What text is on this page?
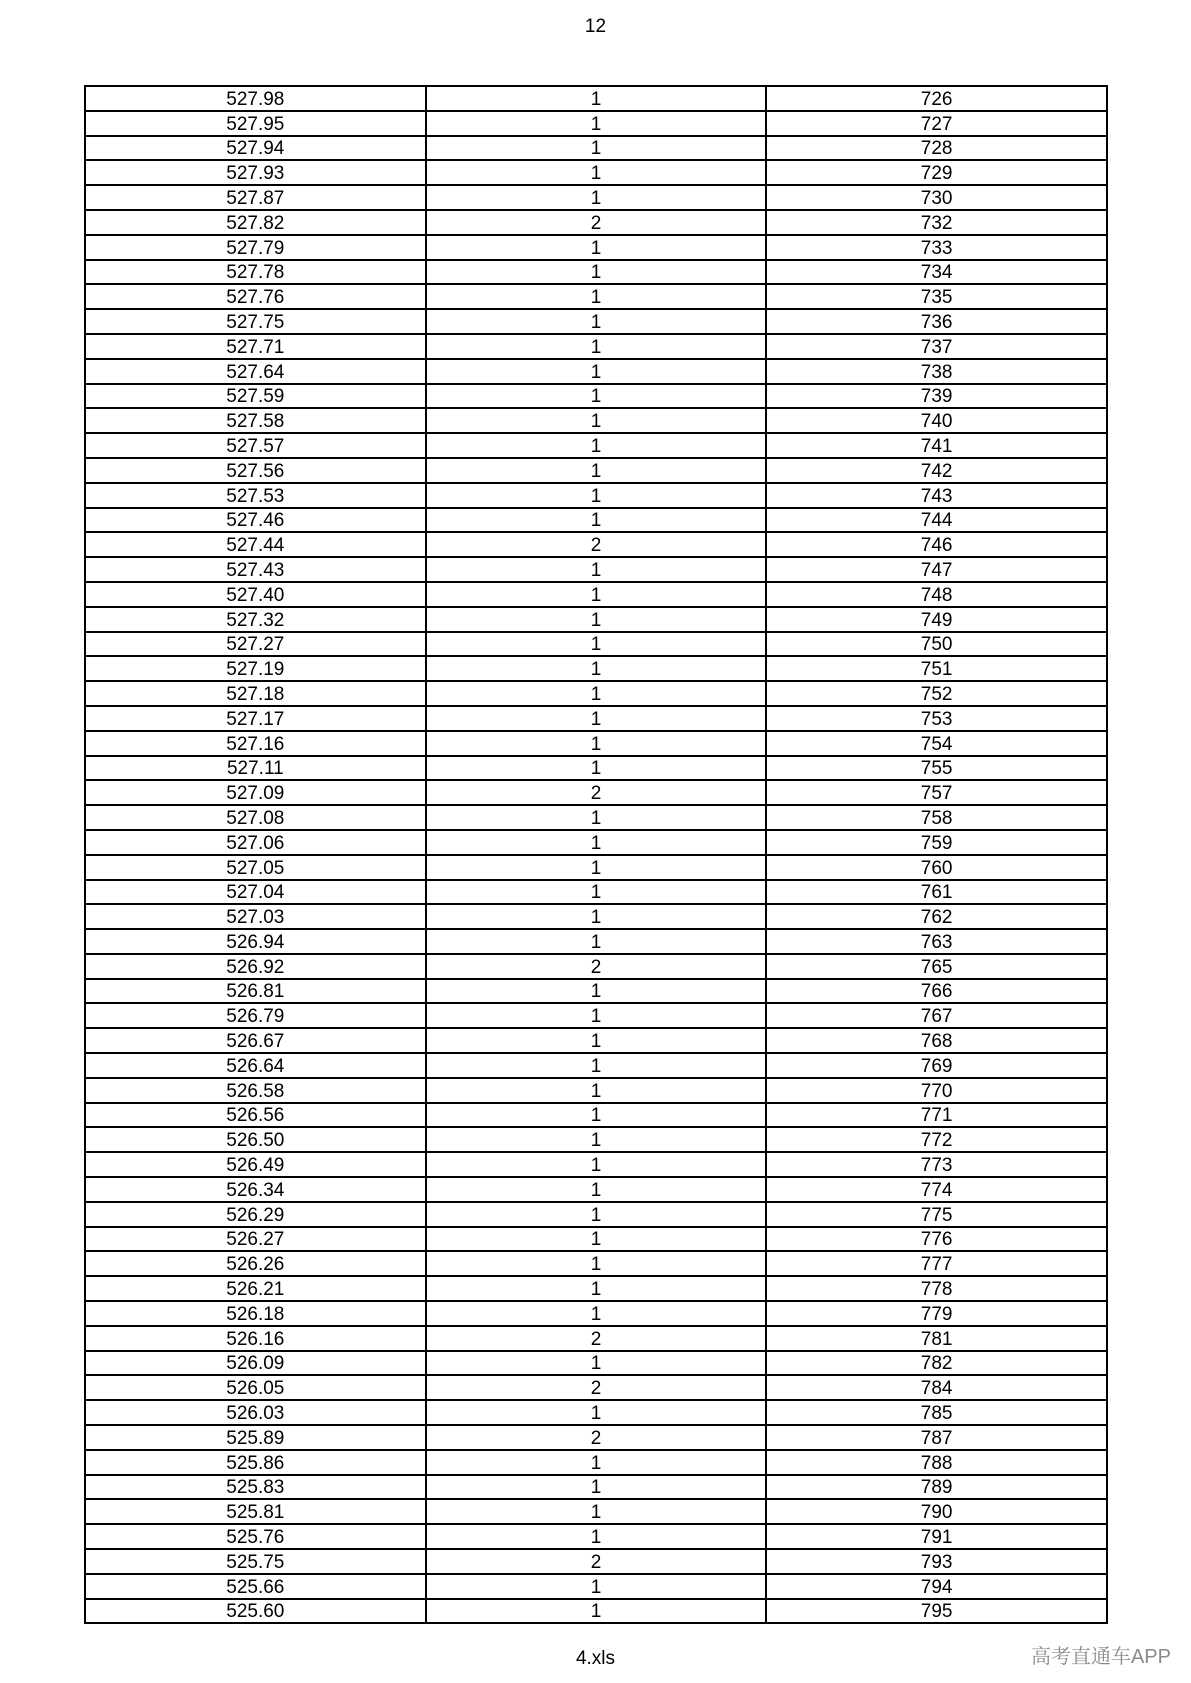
12
527.98	1	726
527.95	1	727
527.94	1	728
527.93	1	729
527.87	1	730
527.82	2	732
527.79	1	733
527.78	1	734
527.76	1	735
527.75	1	736
527.71	1	737
527.64	1	738
527.59	1	739
527.58	1	740
527.57	1	741
527.56	1	742
527.53	1	743
527.46	1	744
527.44	2	746
527.43	1	747
527.40	1	748
527.32	1	749
527.27	1	750
527.19	1	751
527.18	1	752
527.17	1	753
527.16	1	754
527.11	1	755
527.09	2	757
527.08	1	758
527.06	1	759
527.05	1	760
527.04	1	761
527.03	1	762
526.94	1	763
526.92	2	765
526.81	1	766
526.79	1	767
526.67	1	768
526.64	1	769
526.58	1	770
526.56	1	771
526.50	1	772
526.49	1	773
526.34	1	774
526.29	1	775
526.27	1	776
526.26	1	777
526.21	1	778
526.18	1	779
526.16	2	781
526.09	1	782
526.05	2	784
526.03	1	785
525.89	2	787
525.86	1	788
525.83	1	789
525.81	1	790
525.76	1	791
525.75	2	793
525.66	1	794
525.60	1	795
4.xls	高考直通车APP
